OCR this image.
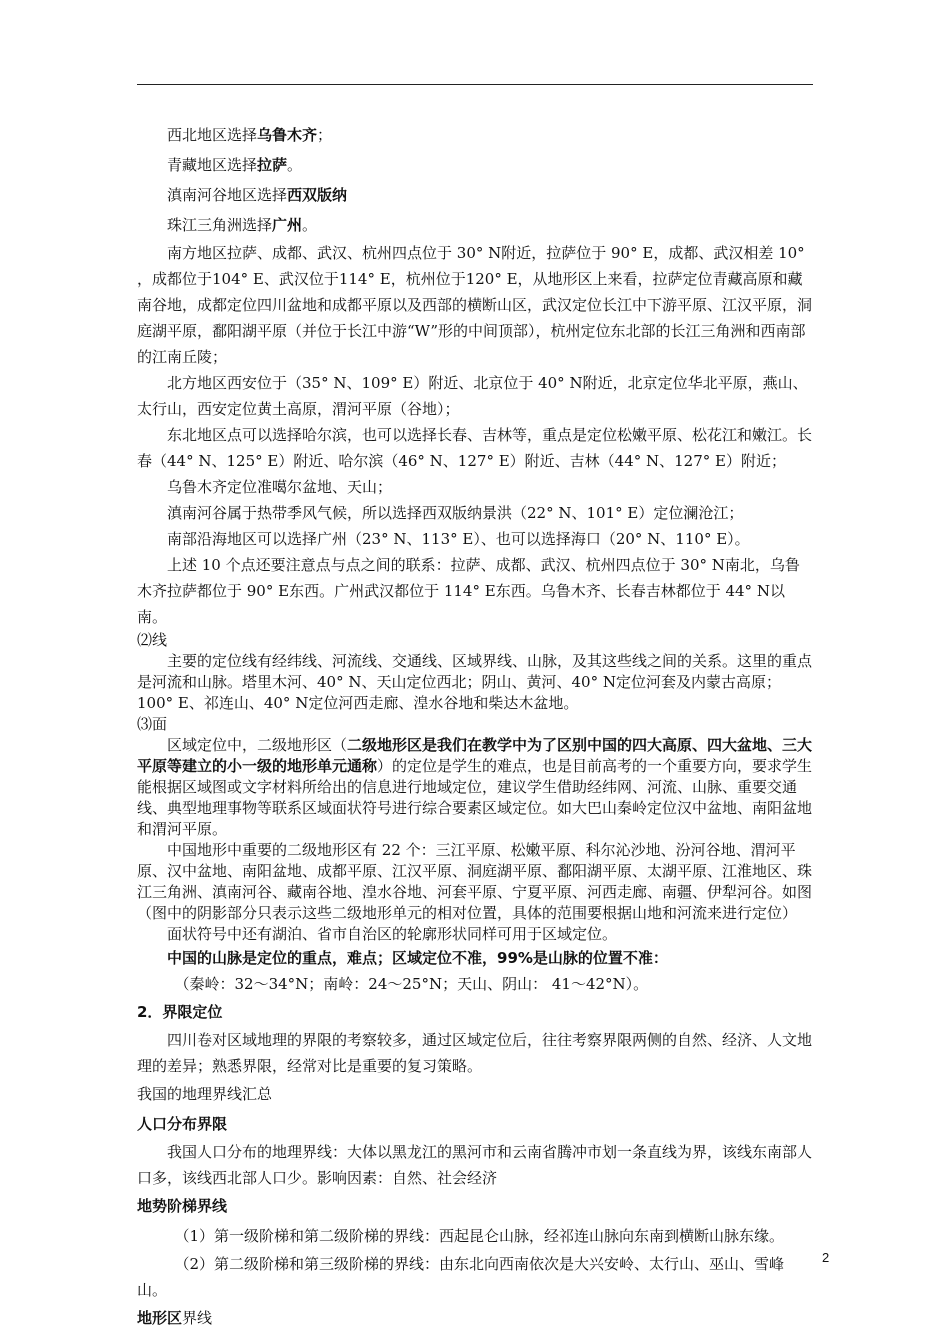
西北地区选择乌鲁木齐；

青藏地区选择拉萨。

滇南河谷地区选择西双版纳

珠江三角洲选择广州。

南方地区拉萨、成都、武汉、杭州四点位于 30° N附近，拉萨位于 90° E，成都、武汉相差 10° ，成都位于104° E、武汉位于114° E，杭州位于120° E，从地形区上来看，拉萨定位青藏高原和藏南谷地，成都定位四川盆地和成都平原以及西部的横断山区，武汉定位长江中下游平原、江汉平原，洞庭湖平原，鄱阳湖平原（并位于长江中游“W”形的中间顶部），杭州定位东北部的长江三角洲和西南部的江南丘陵；

北方地区西安位于（35° N、109° E）附近、北京位于 40° N附近，北京定位华北平原，燕山、太行山，西安定位黄土高原，渭河平原（谷地）；

东北地区点可以选择哈尔滨，也可以选择长春、吉林等，重点是定位松嫩平原、松花江和嫩江。长春（44° N、125° E）附近、哈尔滨（46° N、127° E）附近、吉林（44° N、127° E）附近；

乌鲁木齐定位准噶尔盆地、天山；

滇南河谷属于热带季风气候，所以选择西双版纳景洪（22° N、101° E）定位澜沧江；

南部沿海地区可以选择广州（23° N、113° E）、也可以选择海口（20° N、110° E）。

上述 10 个点还要注意点与点之间的联系：拉萨、成都、武汉、杭州四点位于 30° N南北，乌鲁木齐拉萨都位于 90° E东西。广州武汉都位于 114° E东西。乌鲁木齐、长春吉林都位于 44° N以南。

⑵线

主要的定位线有经纬线、河流线、交通线、区域界线、山脉，及其这些线之间的关系。这里的重点是河流和山脉。塔里木河、40° N、天山定位西北；阴山、黄河、40° N定位河套及内蒙古高原；100° E、祁连山、40° N定位河西走廊、湟水谷地和柴达木盆地。

⑶面

区域定位中，二级地形区（二级地形区是我们在教学中为了区别中国的四大高原、四大盆地、三大平原等建立的小一级的地形单元通称）的定位是学生的难点，也是目前高考的一个重要方向，要求学生能根据区域图或文字材料所给出的信息进行地域定位，建议学生借助经纬网、河流、山脉、重要交通线、典型地理事物等联系区域面状符号进行综合要素区域定位。如大巴山秦岭定位汉中盆地、南阳盆地和渭河平原。

中国地形中重要的二级地形区有 22 个：三江平原、松嫩平原、科尔沁沙地、汾河谷地、渭河平原、汉中盆地、南阳盆地、成都平原、江汉平原、洞庭湖平原、鄱阳湖平原、太湖平原、江淮地区、珠江三角洲、滇南河谷、藏南谷地、湟水谷地、河套平原、宁夏平原、河西走廊、南疆、伊犁河谷。如图（图中的阴影部分只表示这些二级地形单元的相对位置，具体的范围要根据山地和河流来进行定位）

面状符号中还有湖泊、省市自治区的轮廓形状同样可用于区域定位。

中国的山脉是定位的重点，难点；区域定位不准，99%是山脉的位置不准：

（秦岭：32～34°N；南岭：24～25°N；天山、阴山： 41～42°N）。

2．界限定位

四川卷对区域地理的界限的考察较多，通过区域定位后，往往考察界限两侧的自然、经济、人文地理的差异；熟悉界限，经常对比是重要的复习策略。

我国的地理界线汇总

人口分布界限

我国人口分布的地理界线：大体以黑龙江的黑河市和云南省腾冲市划一条直线为界，该线东南部人口多，该线西北部人口少。影响因素：自然、社会经济

地势阶梯界线

（1）第一级阶梯和第二级阶梯的界线：西起昆仑山脉，经祁连山脉向东南到横断山脉东缘。

（2）第二级阶梯和第三级阶梯的界线：由东北向西南依次是大兴安岭、太行山、巫山、雪峰山。

地形区界线

2
